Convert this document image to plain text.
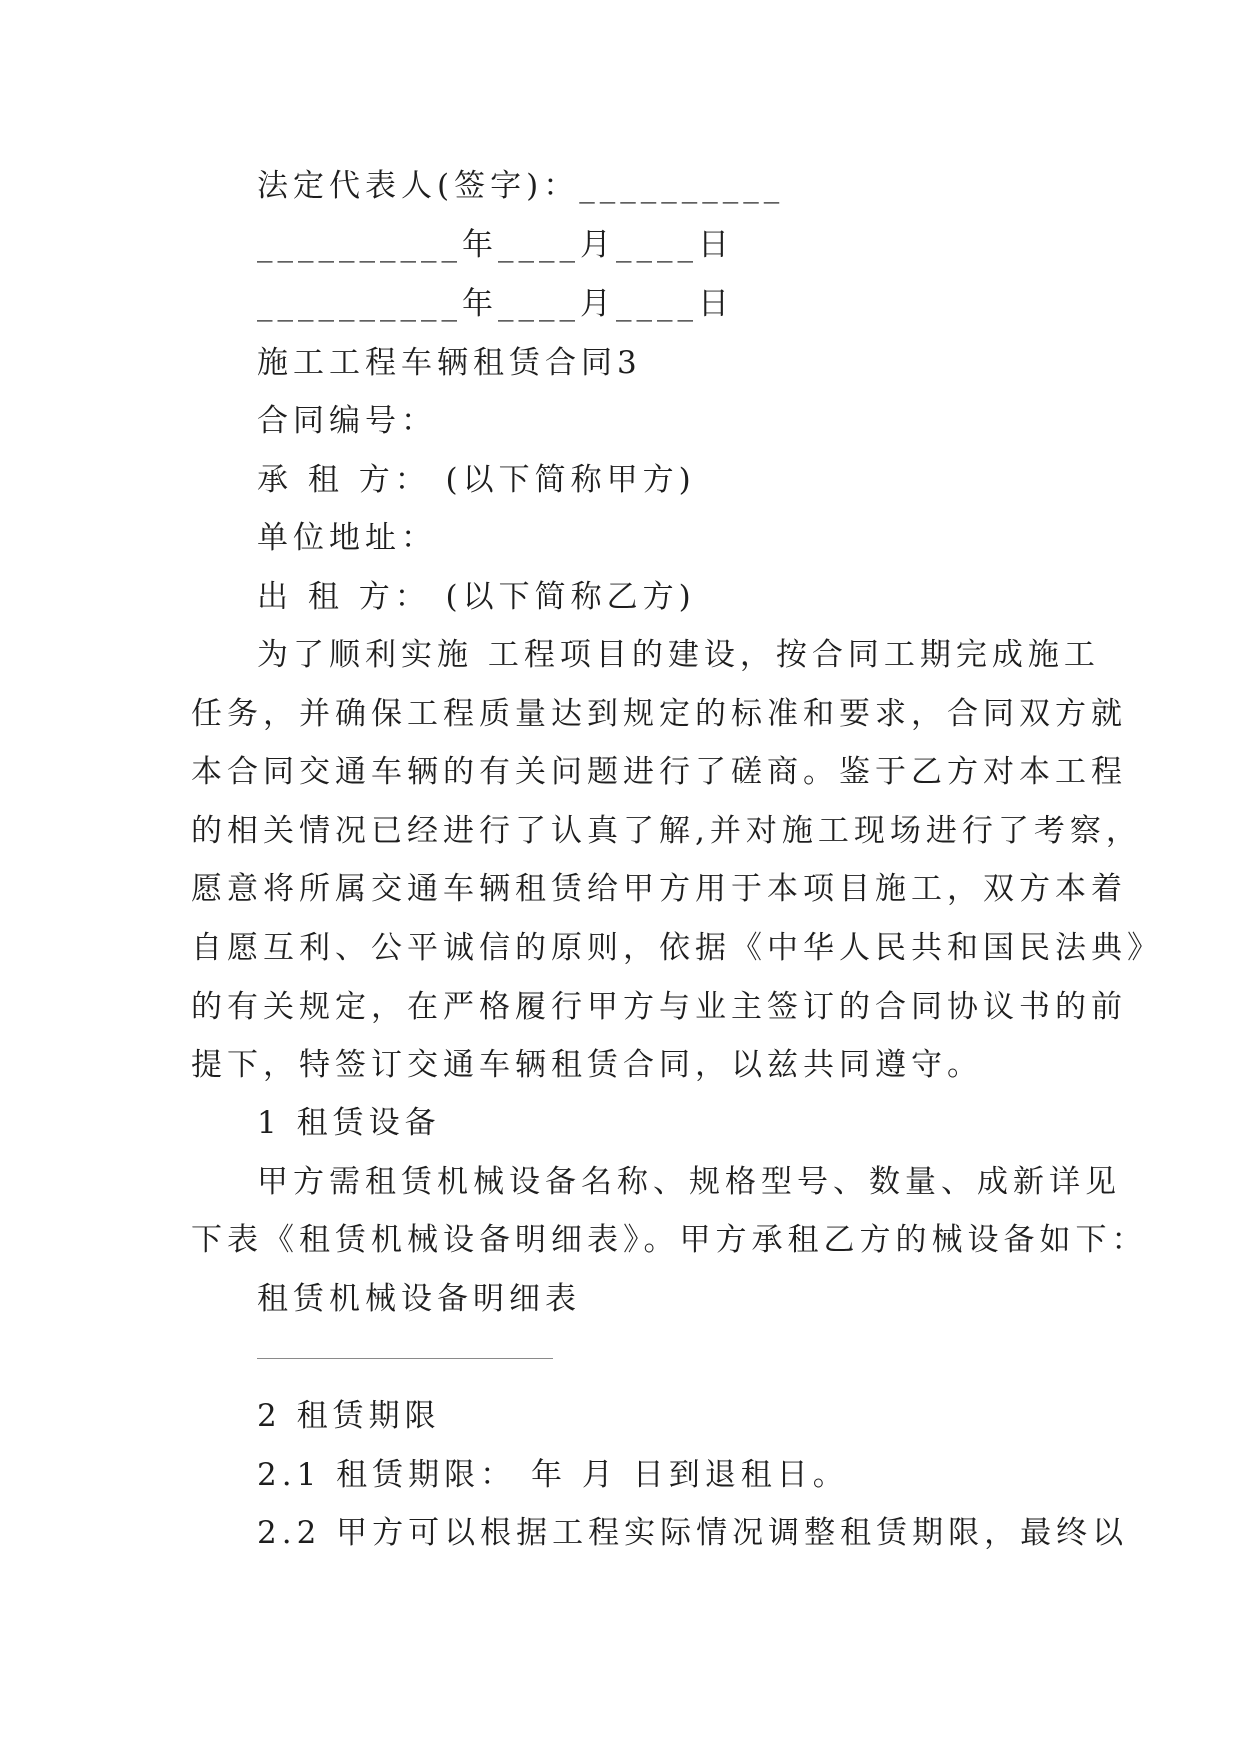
法定代表人(签字)：__________
__________年____月____日
__________年____月____日
施工工程车辆租赁合同3
合同编号：
承 租 方： (以下简称甲方)
单位地址：
出 租 方： (以下简称乙方)
为了顺利实施 工程项目的建设，按合同工期完成施工
任务，并确保工程质量达到规定的标准和要求，合同双方就
本合同交通车辆的有关问题进行了磋商。鉴于乙方对本工程
的相关情况已经进行了认真了解,并对施工现场进行了考察，
愿意将所属交通车辆租赁给甲方用于本项目施工，双方本着
自愿互利、公平诚信的原则，依据《中华人民共和国民法典》
的有关规定，在严格履行甲方与业主签订的合同协议书的前
提下，特签订交通车辆租赁合同，以兹共同遵守。
1 租赁设备
甲方需租赁机械设备名称、规格型号、数量、成新详见
下表《租赁机械设备明细表》。甲方承租乙方的械设备如下：
租赁机械设备明细表
2 租赁期限
2.1 租赁期限： 年 月 日到退租日。
2.2 甲方可以根据工程实际情况调整租赁期限，最终以
